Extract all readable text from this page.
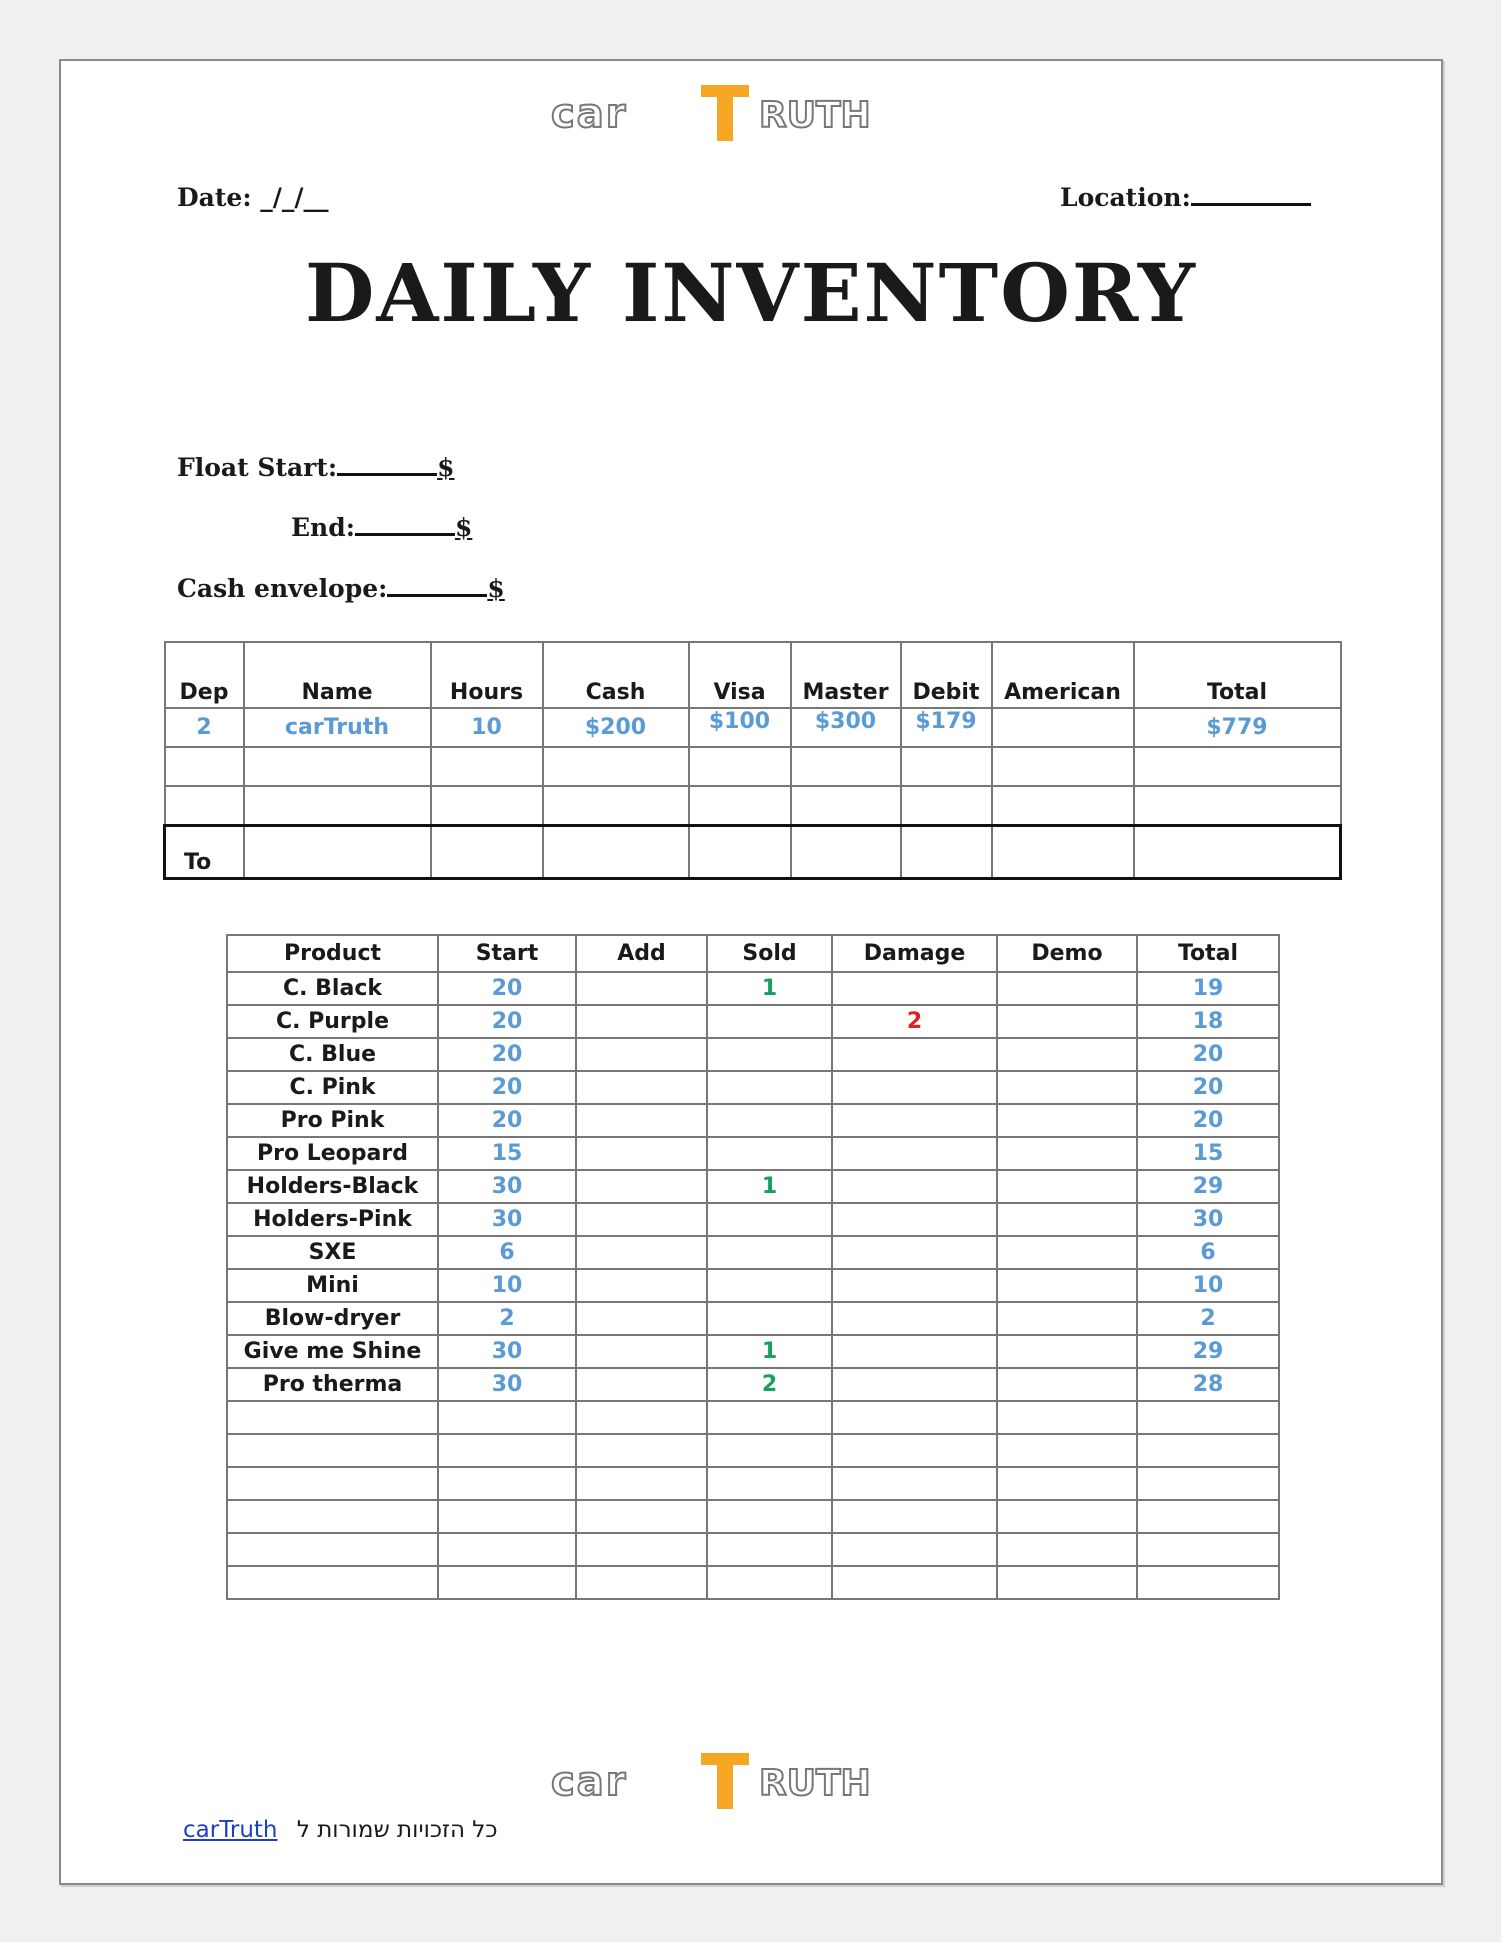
car	RUTH
Date: _/_/__	Location:
DAILY INVENTORY
Float Start:	$
End:	$
Cash envelope:	$
Dep	Name	Hours	Cash	Visa	Master	Debit	American	Total
2	carTruth	10	$200	$100	$300	$179		$779

To								
Product	Start	Add	Sold	Damage	Demo	Total
C. Black	20		1			19
C. Purple	20			2		18
C. Blue	20					20
C. Pink	20					20
Pro Pink	20					20
Pro Leopard	15					15
Holders-Black	30		1			29
Holders-Pink	30					30
SXE	6					6
Mini	10					10
Blow-dryer	2					2
Give me Shine	30		1			29
Pro therma	30		2			28

car	RUTH
carTruth כל הזכויות שמורות ל
